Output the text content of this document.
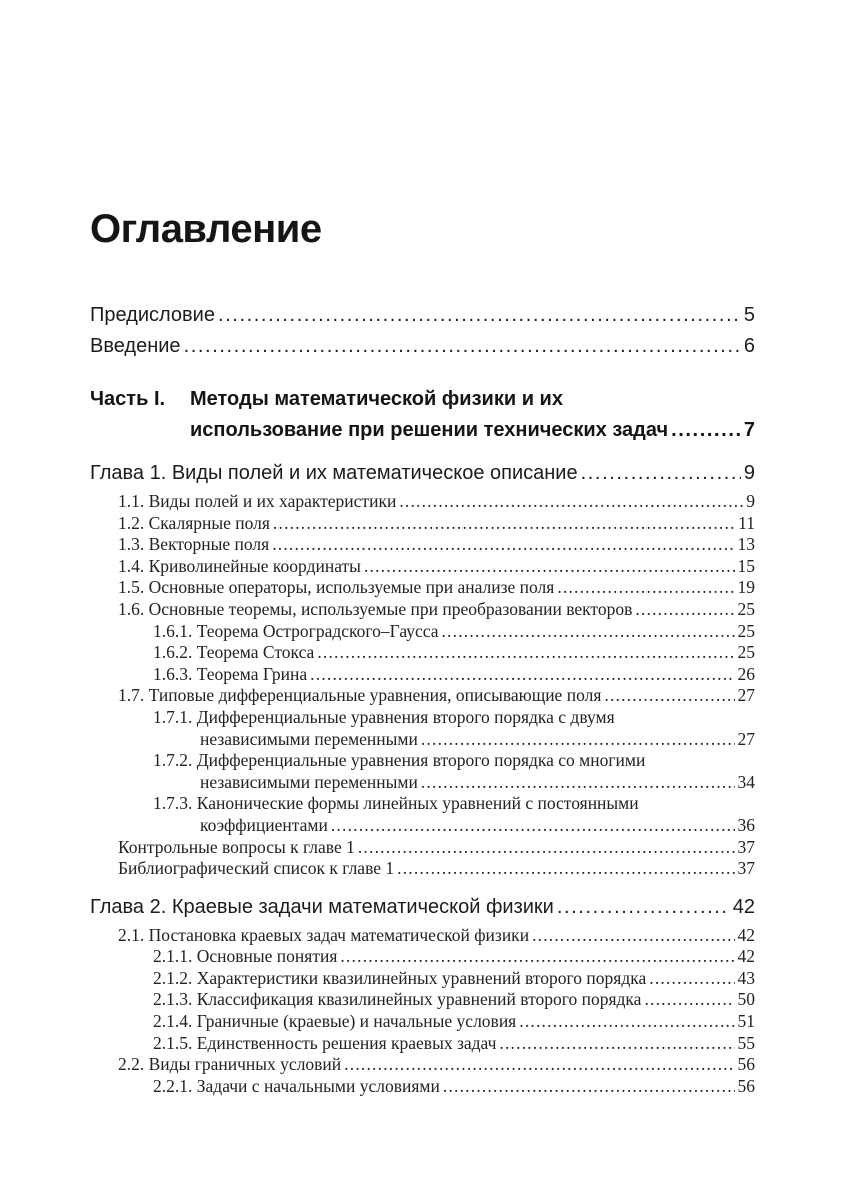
Оглавление
Предисловие .....	5
Введение .....	6
Часть I.	Методы математической физики и их
использование при решении технических задач .....	7
Глава 1. Виды полей и их математическое описание .....	9
1.1. Виды полей и их характеристики .....	9
1.2. Скалярные поля .....	11
1.3. Векторные поля .....	13
1.4. Криволинейные координаты .....	15
1.5. Основные операторы, используемые при анализе поля .....	19
1.6. Основные теоремы, используемые при преобразовании векторов .....	25
1.6.1. Теорема Остроградского–Гаусса .....	25
1.6.2. Теорема Стокса .....	25
1.6.3. Теорема Грина .....	26
1.7. Типовые дифференциальные уравнения, описывающие поля .....	27
1.7.1. Дифференциальные уравнения второго порядка с двумя
независимыми переменными .....	27
1.7.2. Дифференциальные уравнения второго порядка со многими
независимыми переменными .....	34
1.7.3. Канонические формы линейных уравнений с постоянными
коэффициентами .....	36
Контрольные вопросы к главе 1 .....	37
Библиографический список к главе 1 .....	37
Глава 2. Краевые задачи математической физики .....	42
2.1. Постановка краевых задач математической физики .....	42
2.1.1. Основные понятия .....	42
2.1.2. Характеристики квазилинейных уравнений второго порядка .....	43
2.1.3. Классификация квазилинейных уравнений второго порядка .....	50
2.1.4. Граничные (краевые) и начальные условия .....	51
2.1.5. Единственность решения краевых задач .....	55
2.2. Виды граничных условий .....	56
2.2.1. Задачи с начальными условиями .....	56
